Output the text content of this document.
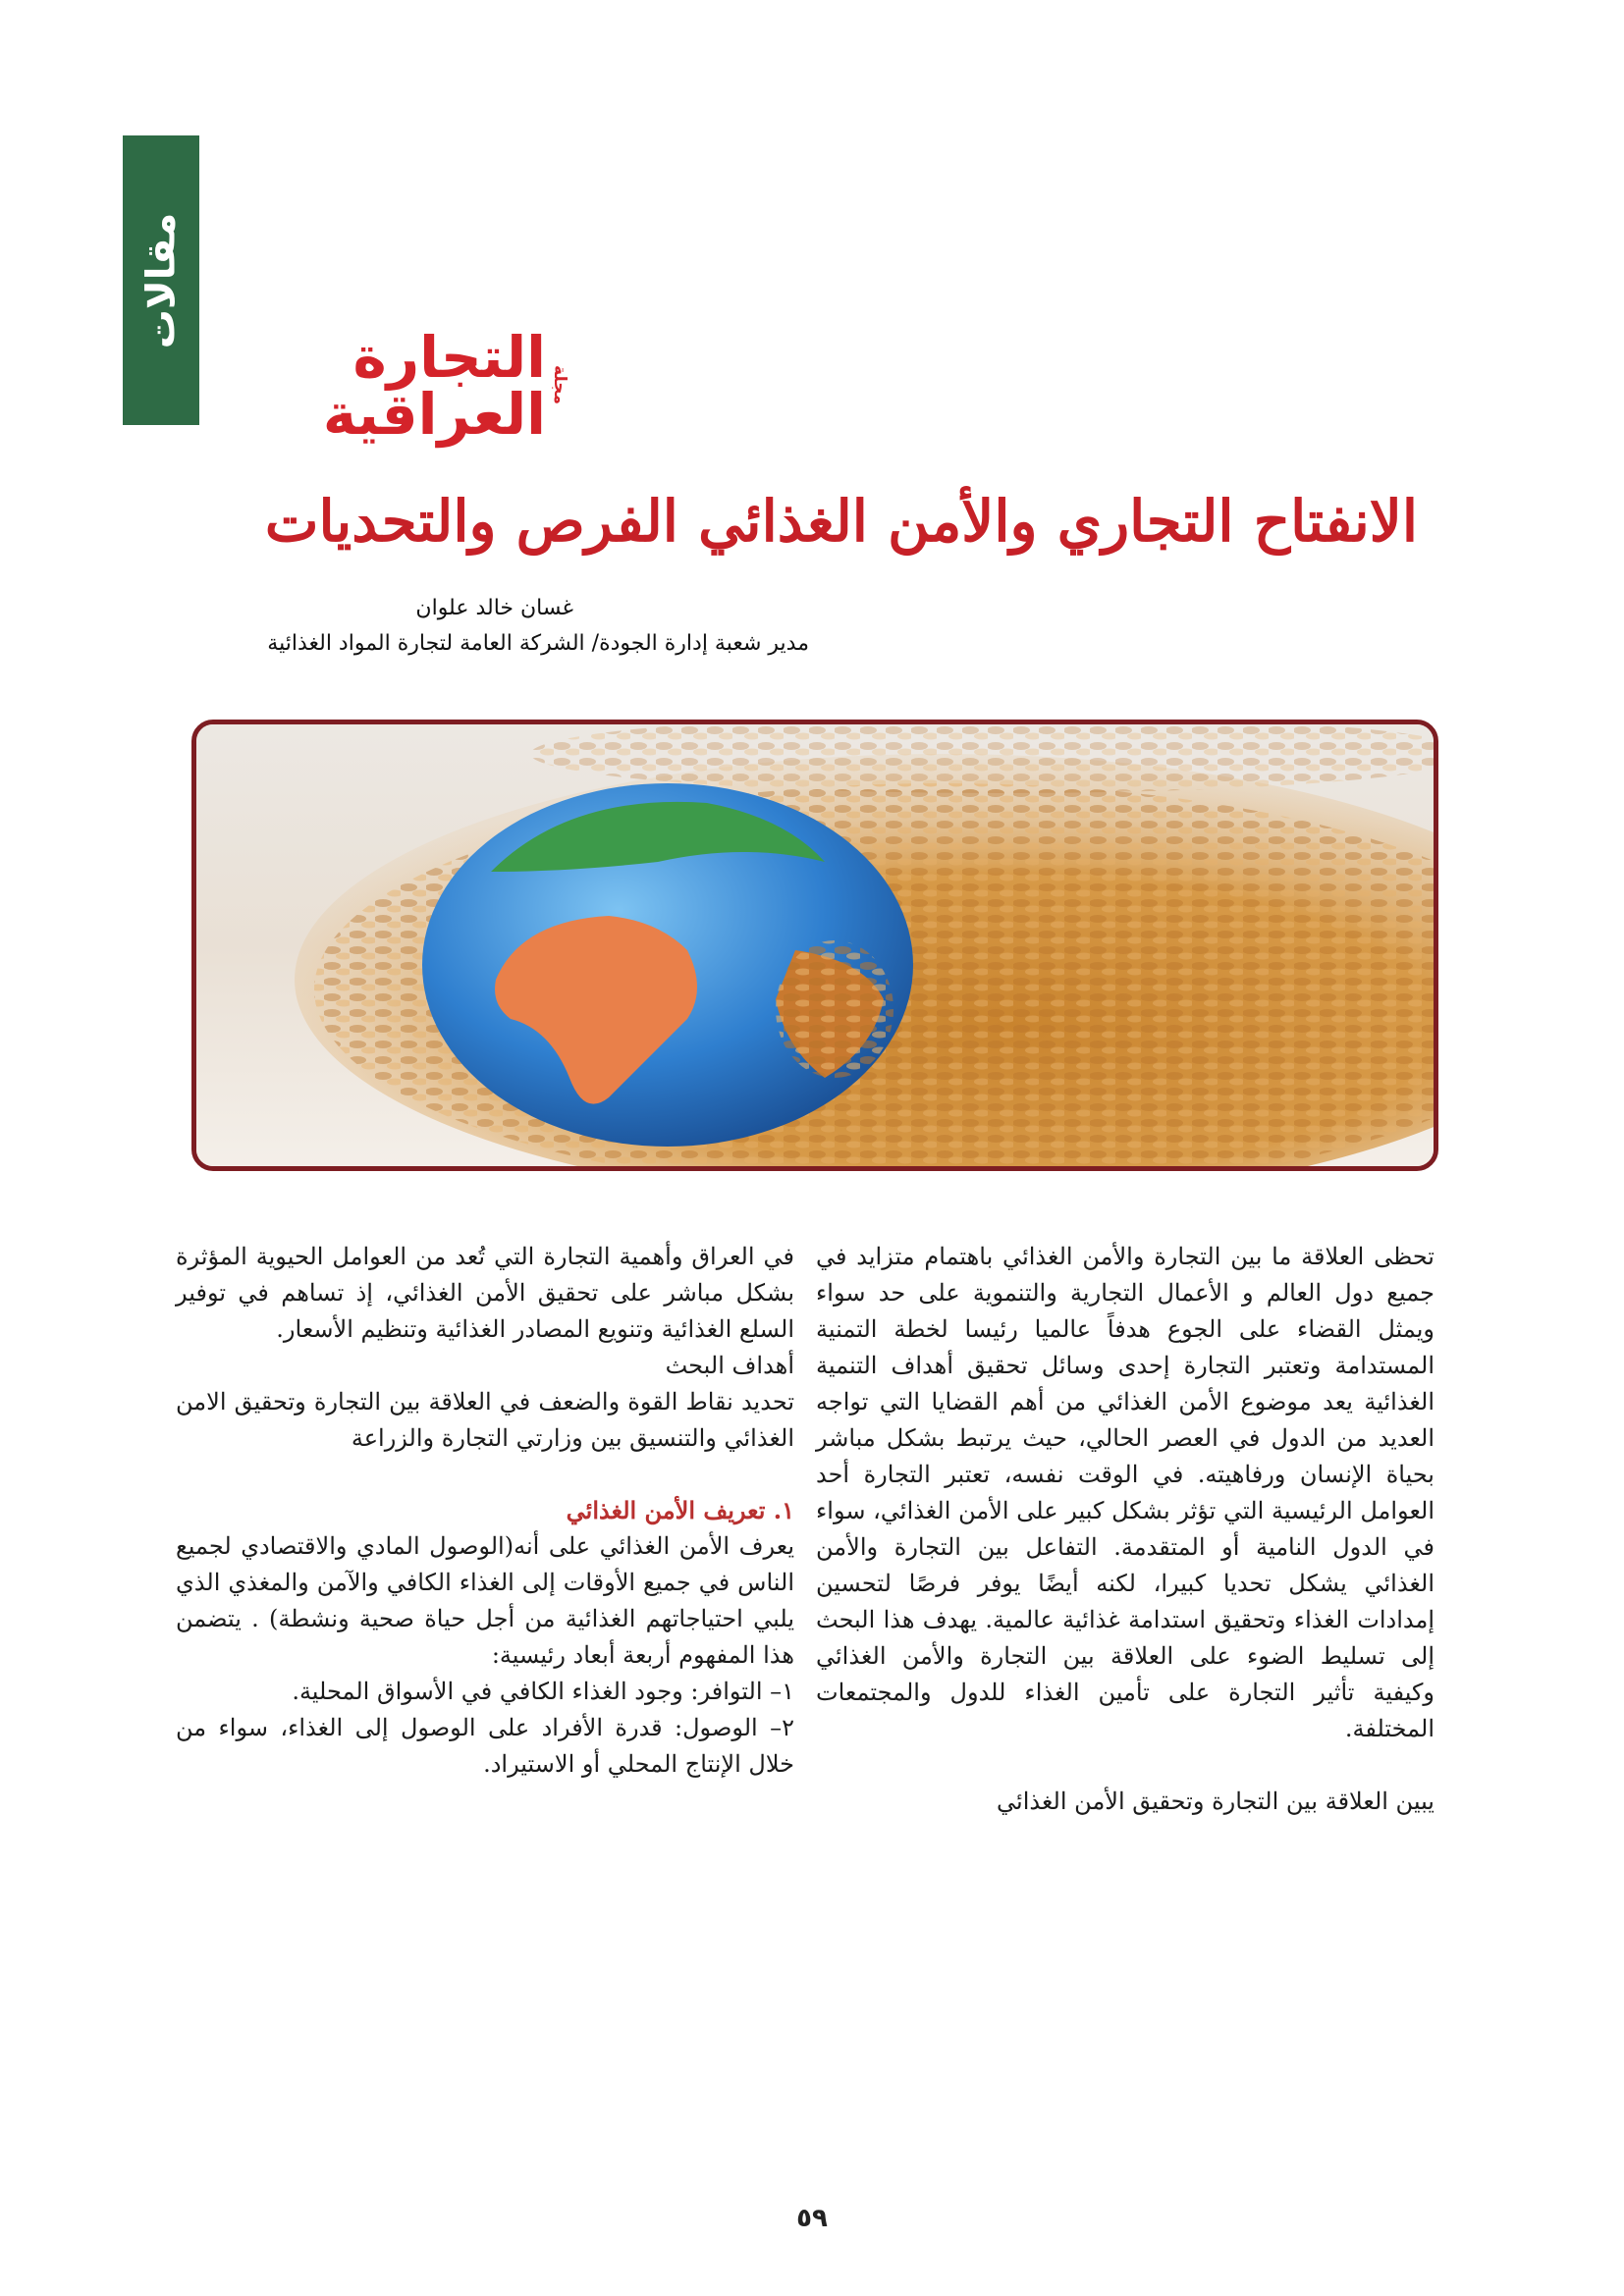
مقالات
مجلة
التجارة العراقية
الانفتاح التجاري والأمن الغذائي الفرص والتحديات
غسان خالد علوان
مدير شعبة إدارة الجودة/ الشركة العامة لتجارة المواد الغذائية

تحظى العلاقة ما بين التجارة والأمن الغذائي باهتمام متزايد في جميع دول العالم و الأعمال التجارية والتنموية على حد سواء ويمثل القضاء على الجوع هدفاً عالميا رئيسا لخطة التمنية المستدامة وتعتبر التجارة إحدى وسائل تحقيق أهداف التنمية الغذائية يعد موضوع الأمن الغذائي من أهم القضايا التي تواجه العديد من الدول في العصر الحالي، حيث يرتبط بشكل مباشر بحياة الإنسان ورفاهيته. في الوقت نفسه، تعتبر التجارة أحد العوامل الرئيسية التي تؤثر بشكل كبير على الأمن الغذائي، سواء في الدول النامية أو المتقدمة. التفاعل بين التجارة والأمن الغذائي يشكل تحديا كبيرا، لكنه أيضًا يوفر فرصًا لتحسين إمدادات الغذاء وتحقيق استدامة غذائية عالمية. يهدف هذا البحث إلى تسليط الضوء على العلاقة بين التجارة والأمن الغذائي وكيفية تأثير التجارة على تأمين الغذاء للدول والمجتمعات المختلفة.

يبين العلاقة بين التجارة وتحقيق الأمن الغذائي

في العراق وأهمية التجارة التي تُعد من العوامل الحيوية المؤثرة بشكل مباشر على تحقيق الأمن الغذائي، إذ تساهم في توفير السلع الغذائية وتنويع المصادر الغذائية وتنظيم الأسعار.

أهداف البحث

تحديد نقاط القوة والضعف في العلاقة بين التجارة وتحقيق الامن الغذائي والتنسيق بين وزارتي التجارة والزراعة

١. تعريف الأمن الغذائي

يعرف الأمن الغذائي على أنه(الوصول المادي والاقتصادي لجميع الناس في جميع الأوقات إلى الغذاء الكافي والآمن والمغذي الذي يلبي احتياجاتهم الغذائية من أجل حياة صحية ونشطة) . يتضمن هذا المفهوم أربعة أبعاد رئيسية:

١– التوافر: وجود الغذاء الكافي في الأسواق المحلية.

٢– الوصول: قدرة الأفراد على الوصول إلى الغذاء، سواء من خلال الإنتاج المحلي أو الاستيراد.

٥٩
